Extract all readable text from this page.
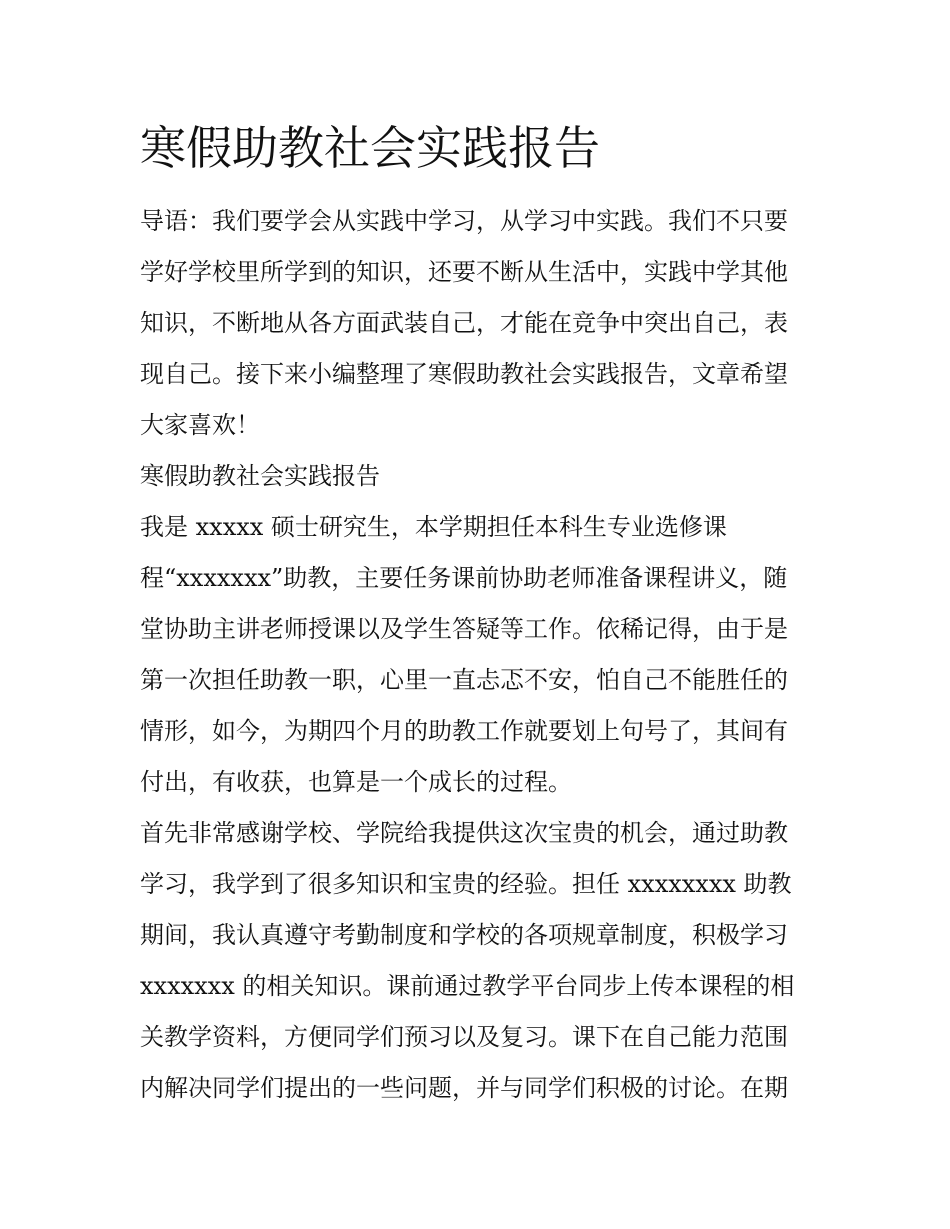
寒假助教社会实践报告

导语：我们要学会从实践中学习，从学习中实践。我们不只要

学好学校里所学到的知识，还要不断从生活中，实践中学其他

知识，不断地从各方面武装自己，才能在竞争中突出自己，表

现自己。接下来小编整理了寒假助教社会实践报告，文章希望

大家喜欢！

寒假助教社会实践报告

我是 xxxxx 硕士研究生，本学期担任本科生专业选修课

程“xxxxxxx”助教，主要任务课前协助老师准备课程讲义，随

堂协助主讲老师授课以及学生答疑等工作。依稀记得，由于是

第一次担任助教一职，心里一直忐忑不安，怕自己不能胜任的

情形，如今，为期四个月的助教工作就要划上句号了，其间有

付出，有收获，也算是一个成长的过程。

首先非常感谢学校、学院给我提供这次宝贵的机会，通过助教

学习，我学到了很多知识和宝贵的经验。担任 xxxxxxxx 助教

期间，我认真遵守考勤制度和学校的各项规章制度，积极学习

xxxxxxx 的相关知识。课前通过教学平台同步上传本课程的相

关教学资料，方便同学们预习以及复习。课下在自己能力范围

内解决同学们提出的一些问题，并与同学们积极的讨论。在期
